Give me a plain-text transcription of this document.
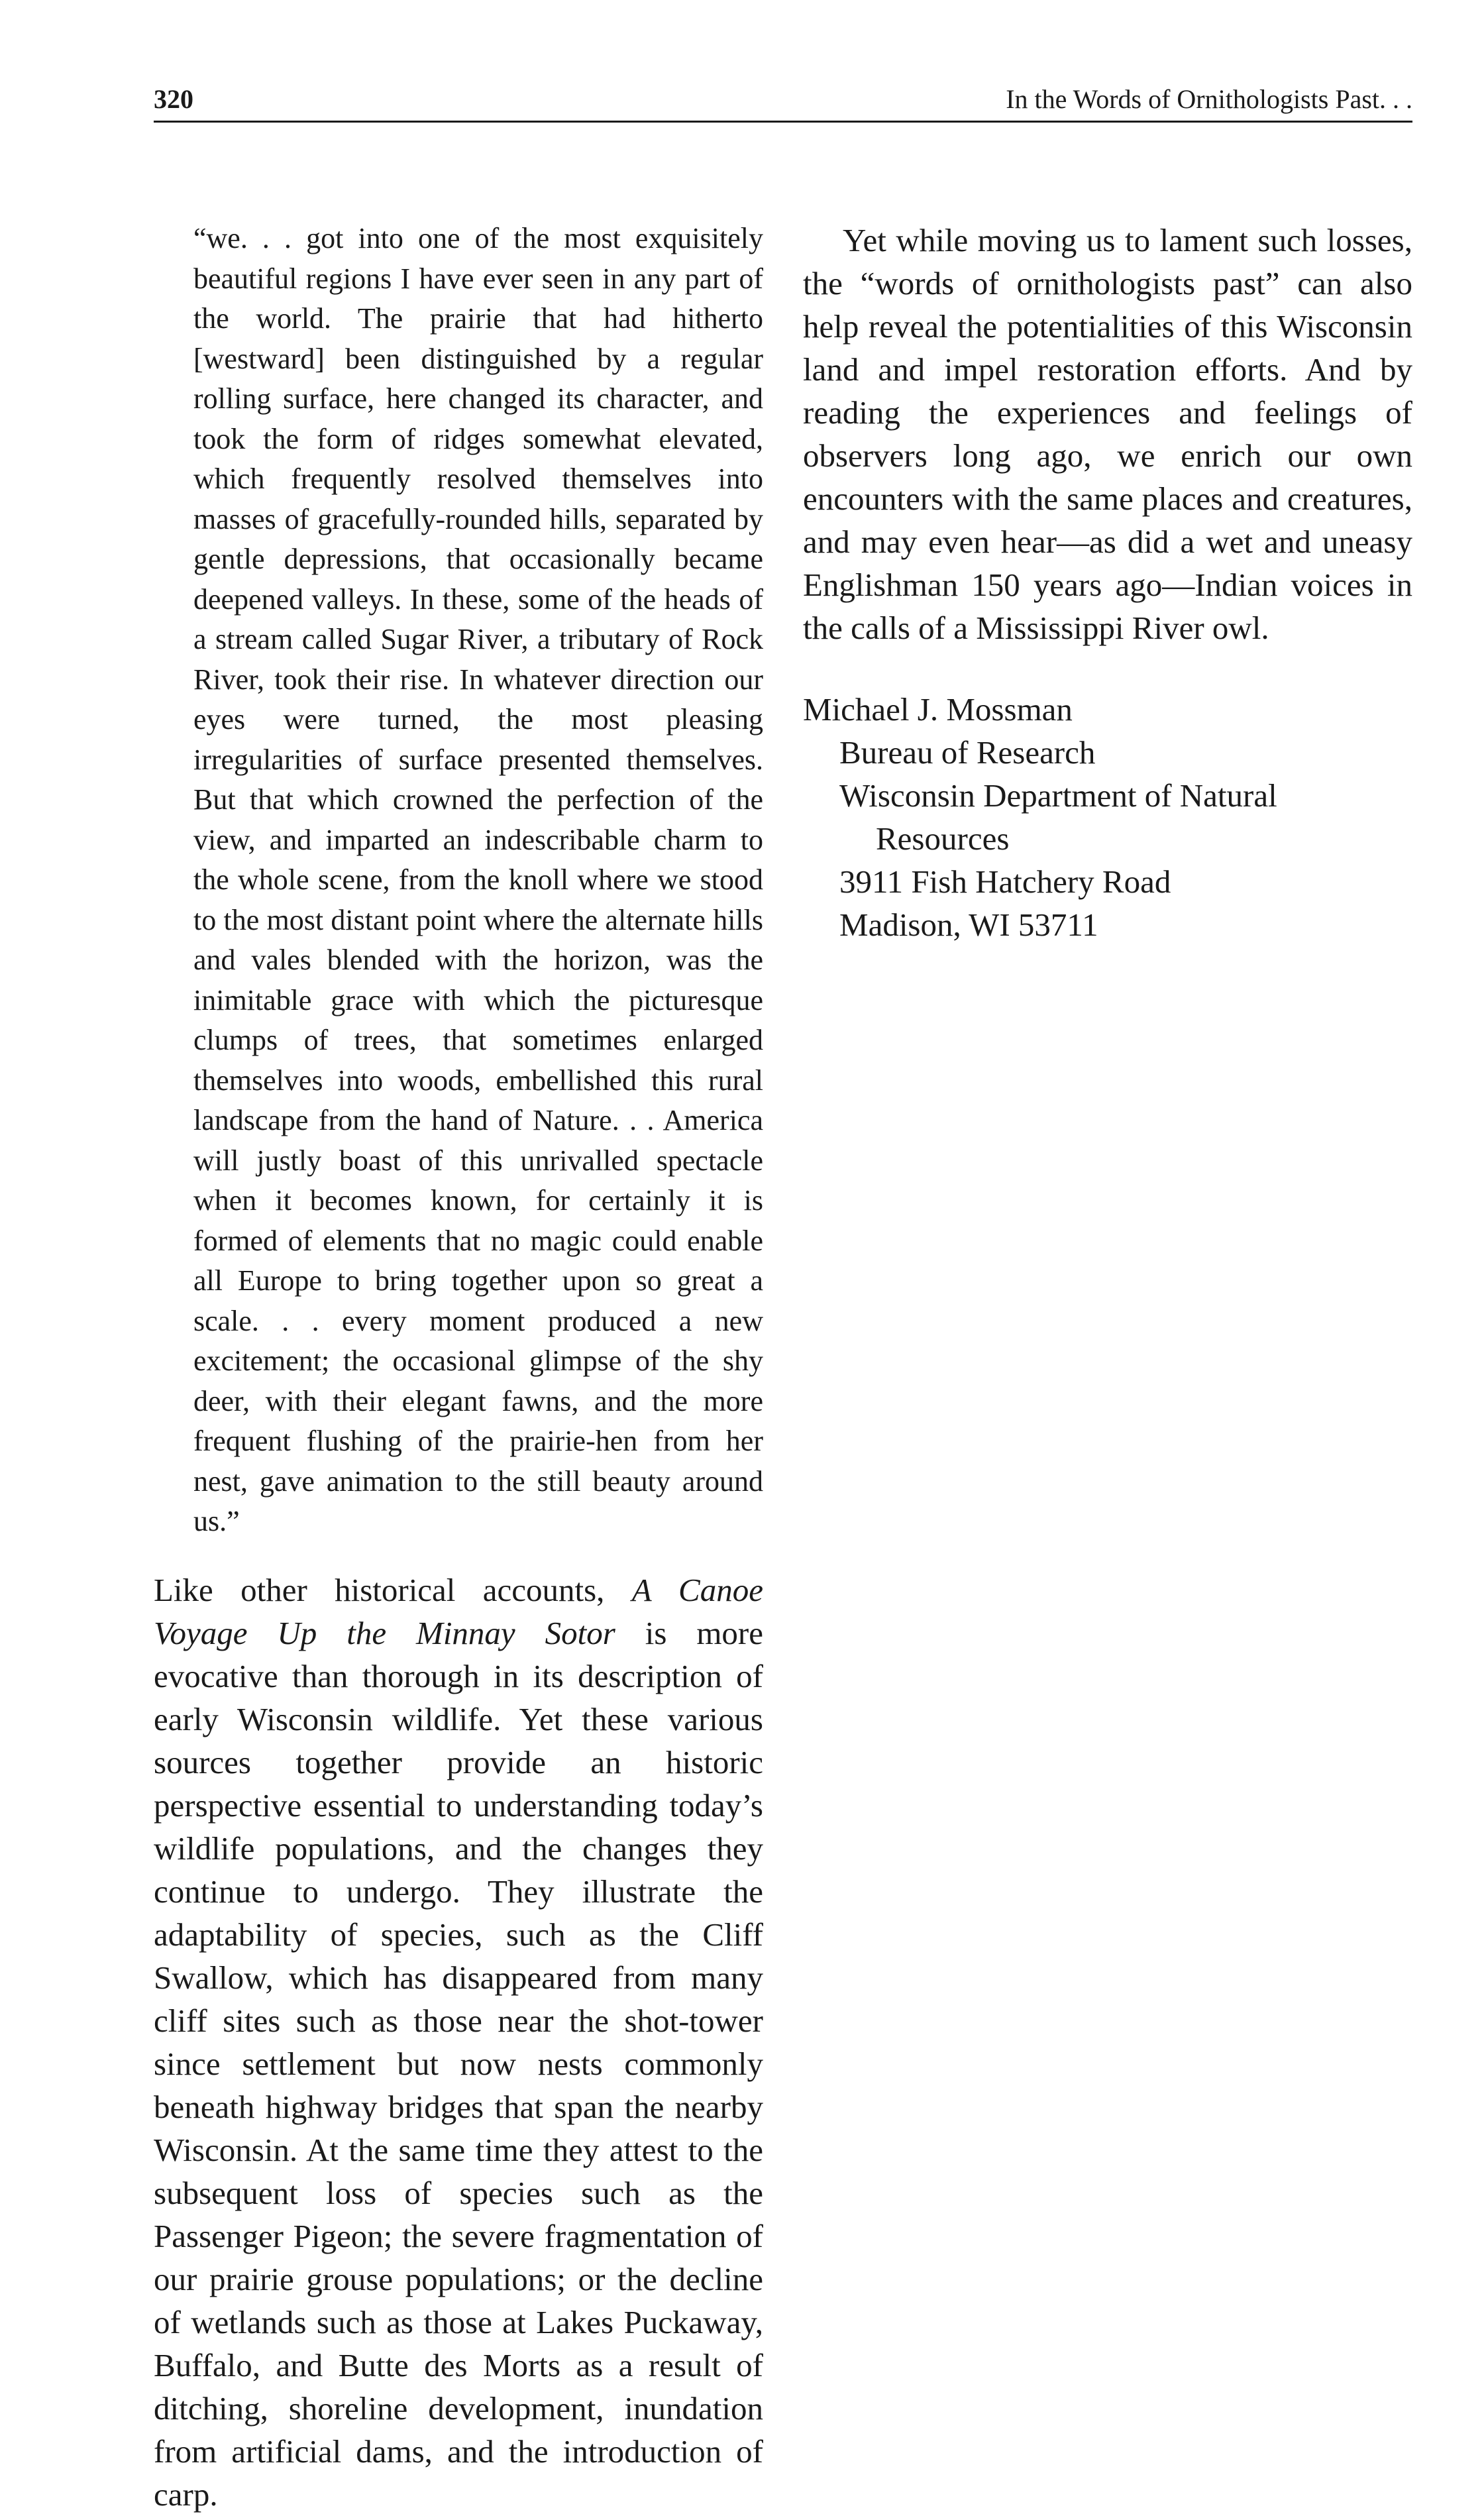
320	In the Words of Ornithologists Past. . .

“we. . . got into one of the most exquisitely beautiful regions I have ever seen in any part of the world. The prairie that had hitherto [westward] been distinguished by a regular rolling surface, here changed its character, and took the form of ridges somewhat elevated, which frequently resolved themselves into masses of gracefully-rounded hills, separated by gentle depressions, that occasionally became deepened valleys. In these, some of the heads of a stream called Sugar River, a tributary of Rock River, took their rise. In whatever direction our eyes were turned, the most pleasing irregularities of surface presented themselves. But that which crowned the perfection of the view, and imparted an indescribable charm to the whole scene, from the knoll where we stood to the most distant point where the alternate hills and vales blended with the horizon, was the inimitable grace with which the picturesque clumps of trees, that sometimes enlarged themselves into woods, embellished this rural landscape from the hand of Nature. . . America will justly boast of this unrivalled spectacle when it becomes known, for certainly it is formed of elements that no magic could enable all Europe to bring together upon so great a scale. . . every moment produced a new excitement; the occasional glimpse of the shy deer, with their elegant fawns, and the more frequent flushing of the prairie-hen from her nest, gave animation to the still beauty around us.”

Like other historical accounts, A Canoe Voyage Up the Minnay Sotor is more evocative than thorough in its description of early Wisconsin wildlife. Yet these various sources together provide an historic perspective essential to understanding today’s wildlife populations, and the changes they continue to undergo. They illustrate the adaptability of species, such as the Cliff Swallow, which has disappeared from many cliff sites such as those near the shot-tower since settlement but now nests commonly beneath highway bridges that span the nearby Wisconsin. At the same time they attest to the subsequent loss of species such as the Passenger Pigeon; the severe fragmentation of our prairie grouse populations; or the decline of wetlands such as those at Lakes Puckaway, Buffalo, and Butte des Morts as a result of ditching, shoreline development, inundation from artificial dams, and the introduction of carp.

Yet while moving us to lament such losses, the “words of ornithologists past” can also help reveal the potentialities of this Wisconsin land and impel restoration efforts. And by reading the experiences and feelings of observers long ago, we enrich our own encounters with the same places and creatures, and may even hear—as did a wet and uneasy Englishman 150 years ago—Indian voices in the calls of a Mississippi River owl.

Michael J. Mossman
Bureau of Research
Wisconsin Department of Natural
Resources
3911 Fish Hatchery Road
Madison, WI 53711
